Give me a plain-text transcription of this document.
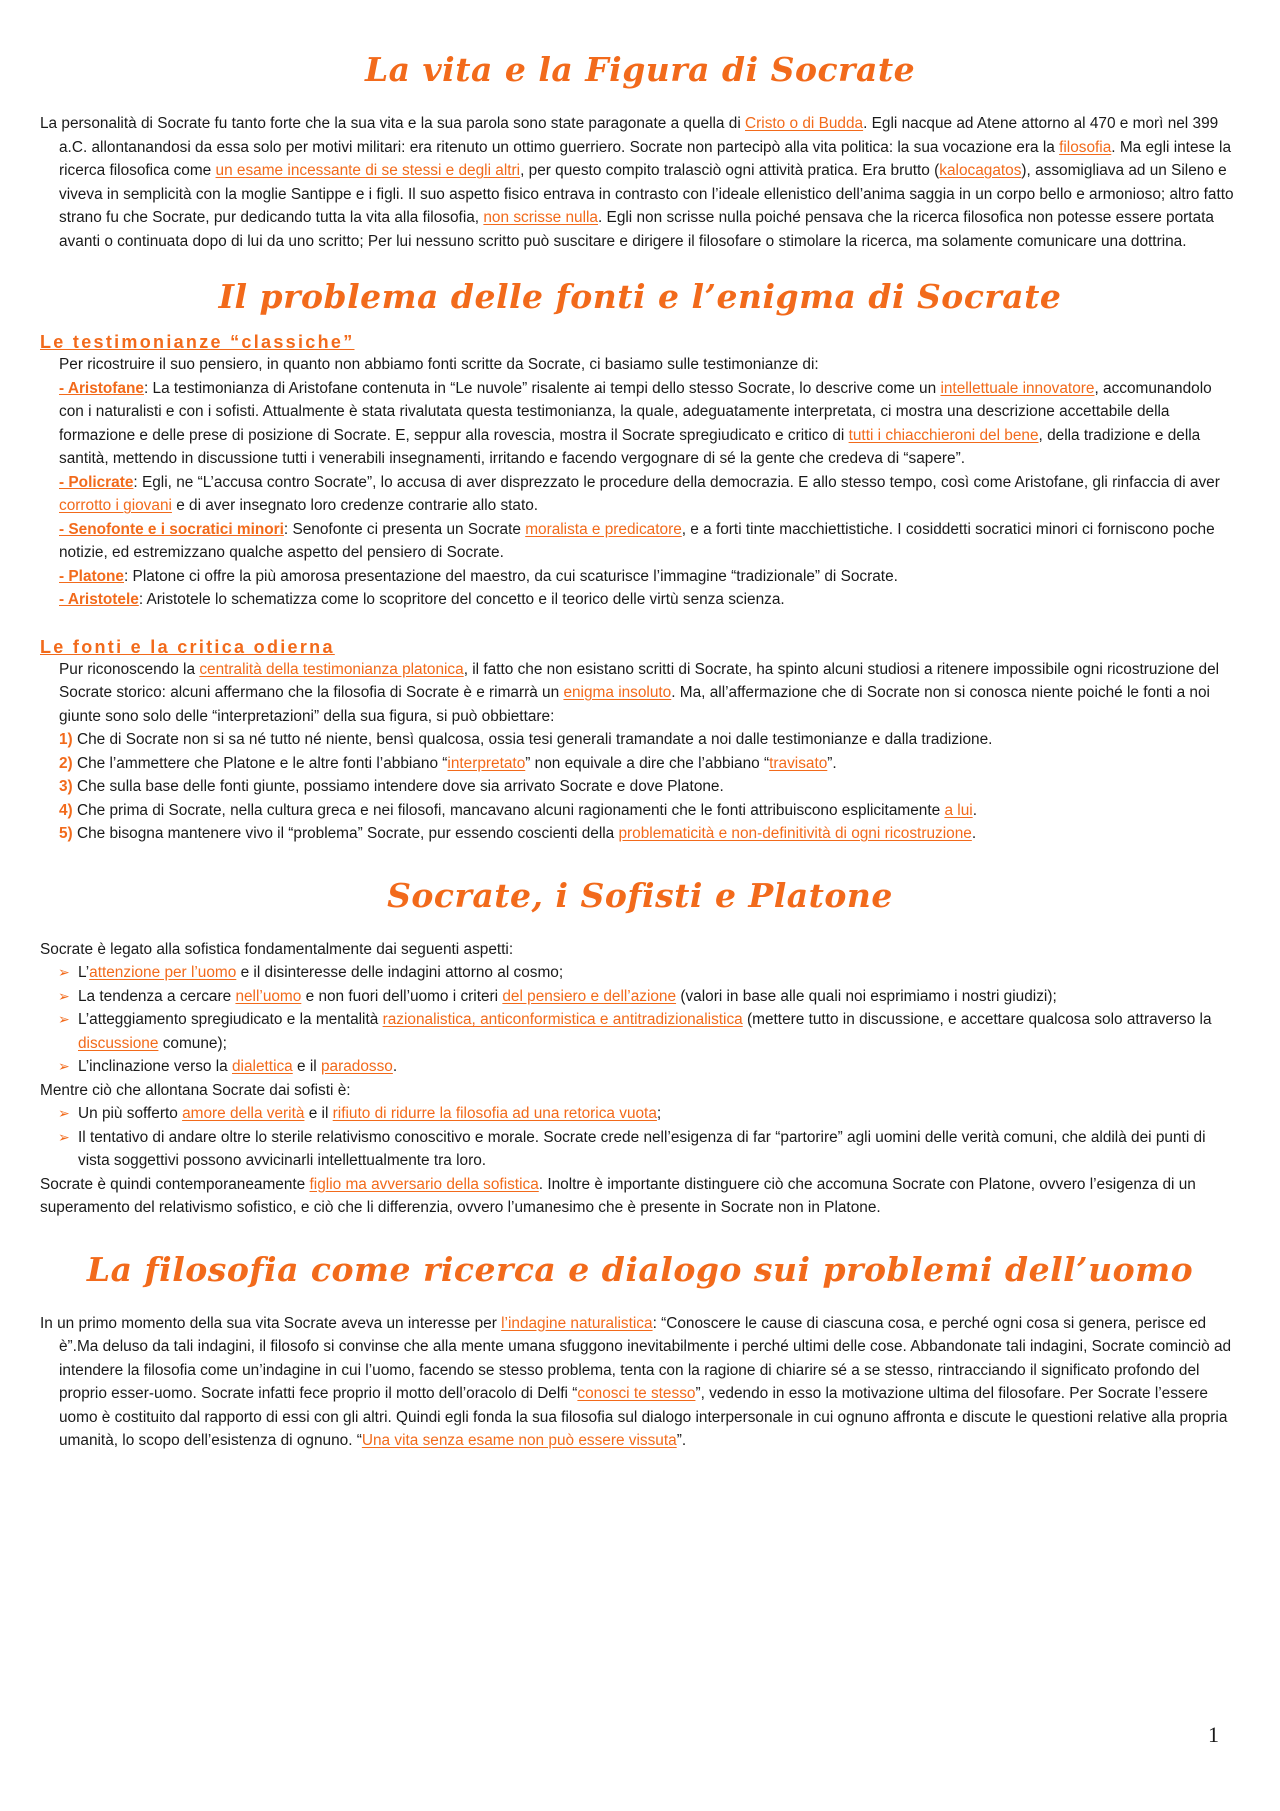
La vita e la Figura di Socrate

La personalità di Socrate fu tanto forte che la sua vita e la sua parola sono state paragonate a quella di Cristo o di Budda. Egli nacque ad Atene attorno al 470 e morì nel 399 a.C. allontanandosi da essa solo per motivi militari: era ritenuto un ottimo guerriero. Socrate non partecipò alla vita politica: la sua vocazione era la filosofia. Ma egli intese la ricerca filosofica come un esame incessante di se stessi e degli altri, per questo compito tralasciò ogni attività pratica. Era brutto (kalocagatos), assomigliava ad un Sileno e viveva in semplicità con la moglie Santippe e i figli. Il suo aspetto fisico entrava in contrasto con l’ideale ellenistico dell’anima saggia in un corpo bello e armonioso; altro fatto strano fu che Socrate, pur dedicando tutta la vita alla filosofia, non scrisse nulla. Egli non scrisse nulla poiché pensava che la ricerca filosofica non potesse essere portata avanti o continuata dopo di lui da uno scritto; Per lui nessuno scritto può suscitare e dirigere il filosofare o stimolare la ricerca, ma solamente comunicare una dottrina.

Il problema delle fonti e l’enigma di Socrate

Le testimonianze “classiche”

Per ricostruire il suo pensiero, in quanto non abbiamo fonti scritte da Socrate, ci basiamo sulle testimonianze di:

- Aristofane: La testimonianza di Aristofane contenuta in “Le nuvole” risalente ai tempi dello stesso Socrate, lo descrive come un intellettuale innovatore, accomunandolo con i naturalisti e con i sofisti. Attualmente è stata rivalutata questa testimonianza, la quale, adeguatamente interpretata, ci mostra una descrizione accettabile della formazione e delle prese di posizione di Socrate. E, seppur alla rovescia, mostra il Socrate spregiudicato e critico di tutti i chiacchieroni del bene, della tradizione e della santità, mettendo in discussione tutti i venerabili insegnamenti, irritando e facendo vergognare di sé la gente che credeva di “sapere”.

- Policrate: Egli, ne “L’accusa contro Socrate”, lo accusa di aver disprezzato le procedure della democrazia. E allo stesso tempo, così come Aristofane, gli rinfaccia di aver corrotto i giovani e di aver insegnato loro credenze contrarie allo stato.

- Senofonte e i socratici minori: Senofonte ci presenta un Socrate moralista e predicatore, e a forti tinte macchiettistiche. I cosiddetti socratici minori ci forniscono poche notizie, ed estremizzano qualche aspetto del pensiero di Socrate.

- Platone: Platone ci offre la più amorosa presentazione del maestro, da cui scaturisce l’immagine “tradizionale” di Socrate.

- Aristotele: Aristotele lo schematizza come lo scopritore del concetto e il teorico delle virtù senza scienza.

Le fonti e la critica odierna

Pur riconoscendo la centralità della testimonianza platonica, il fatto che non esistano scritti di Socrate, ha spinto alcuni studiosi a ritenere impossibile ogni ricostruzione del Socrate storico: alcuni affermano che la filosofia di Socrate è e rimarrà un enigma insoluto. Ma, all’affermazione che di Socrate non si conosca niente poiché le fonti a noi giunte sono solo delle “interpretazioni” della sua figura, si può obbiettare:

1) Che di Socrate non si sa né tutto né niente, bensì qualcosa, ossia tesi generali tramandate a noi dalle testimonianze e dalla tradizione.

2) Che l’ammettere che Platone e le altre fonti l’abbiano “interpretato” non equivale a dire che l’abbiano “travisato”.

3) Che sulla base delle fonti giunte, possiamo intendere dove sia arrivato Socrate e dove Platone.

4) Che prima di Socrate, nella cultura greca e nei filosofi, mancavano alcuni ragionamenti che le fonti attribuiscono esplicitamente a lui.

5) Che bisogna mantenere vivo il “problema” Socrate, pur essendo coscienti della problematicità e non-definitività di ogni ricostruzione.

Socrate, i Sofisti e Platone

Socrate è legato alla sofistica fondamentalmente dai seguenti aspetti:

➢ L’attenzione per l’uomo e il disinteresse delle indagini attorno al cosmo;
➢ La tendenza a cercare nell’uomo e non fuori dell’uomo i criteri del pensiero e dell’azione (valori in base alle quali noi esprimiamo i nostri giudizi);
➢ L’atteggiamento spregiudicato e la mentalità razionalistica, anticonformistica e antitradizionalistica (mettere tutto in discussione, e accettare qualcosa solo attraverso la discussione comune);
➢ L’inclinazione verso la dialettica e il paradosso.

Mentre ciò che allontana Socrate dai sofisti è:

➢ Un più sofferto amore della verità e il rifiuto di ridurre la filosofia ad una retorica vuota;
➢ Il tentativo di andare oltre lo sterile relativismo conoscitivo e morale. Socrate crede nell’esigenza di far “partorire” agli uomini delle verità comuni, che aldilà dei punti di vista soggettivi possono avvicinarli intellettualmente tra loro.

Socrate è quindi contemporaneamente figlio ma avversario della sofistica. Inoltre è importante distinguere ciò che accomuna Socrate con Platone, ovvero l’esigenza di un superamento del relativismo sofistico, e ciò che li differenzia, ovvero l’umanesimo che è presente in Socrate non in Platone.

La filosofia come ricerca e dialogo sui problemi dell’uomo

In un primo momento della sua vita Socrate aveva un interesse per l’indagine naturalistica: “Conoscere le cause di ciascuna cosa, e perché ogni cosa si genera, perisce ed è”.Ma deluso da tali indagini, il filosofo si convinse che alla mente umana sfuggono inevitabilmente i perché ultimi delle cose. Abbandonate tali indagini, Socrate cominciò ad intendere la filosofia come un’indagine in cui l’uomo, facendo se stesso problema, tenta con la ragione di chiarire sé a se stesso, rintracciando il significato profondo del proprio esser-uomo. Socrate infatti fece proprio il motto dell’oracolo di Delfi “conosci te stesso”, vedendo in esso la motivazione ultima del filosofare. Per Socrate l’essere uomo è costituito dal rapporto di essi con gli altri. Quindi egli fonda la sua filosofia sul dialogo interpersonale in cui ognuno affronta e discute le questioni relative alla propria umanità, lo scopo dell’esistenza di ognuno. “Una vita senza esame non può essere vissuta”.

1
